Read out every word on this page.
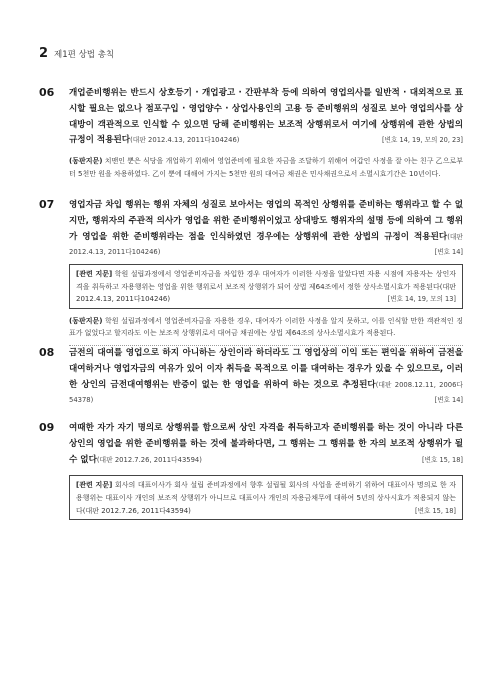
2 제1편 상법 총칙
06	개업준비행위는 반드시 상호등기 · 개업광고 · 간판부착 등에 의하여 영업의사를 일반적 · 대외적으로 표시할 필요는 없으나 점포구입 · 영업양수 · 상업사용인의 고용 등 준비행위의 성질로 보아 영업의사를 상대방이 객관적으로 인식할 수 있으면 당해 준비행위는 보조적 상행위로서 여기에 상행위에 관한 상법의 규정이 적용된다(대판 2012.4.13, 2011다104246)	[변호 14, 19, 모의 20, 23]
(동판지문) 치맨인 뿐은 식당을 개업하기 위해여 영업준비에 필요한 자금을 조달하기 위해여 여갑인 사정을 잘 아는 친구 乙으로부터 5천만 원을 차용하였다. 乙이 뿐에 대해여 가지는 5천만 원의 대여금 채권은 민사채권으로서 소멸시효기간은 10년이다.
07	영업자금 차입 행위는 행위 자체의 성질로 보아서는 영업의 목적인 상행위를 준비하는 행위라고 할 수 없지만, 행위자의 주관적 의사가 영업을 위한 준비행위이었고 상대방도 행위자의 설명 등에 의하여 그 행위가 영업을 위한 준비행위라는 점을 인식하였던 경우에는 상행위에 관한 상법의 규정이 적용된다(대판 2012.4.13, 2011다104246)	[변호 14]
[관련 지문] 학원 설립과정에서 영업준비자금을 차입한 경우 대여자가 이러한 사정을 알았다면 자용 시점에 자용자는 상인자격을 취득하고 자용행위는 영업을 위한 행위로서 보조적 상행위가 되어 상법 제64조에서 정한 상사소멸시효가 적용된다(대판 2012.4.13, 2011다104246)	[변호 14, 19, 모의 13]
(동판지문) 학원 설립과정에서 영업준비자금을 자용한 경우, 대여자가 이러한 사정을 알지 못하고, 이를 인식할 만한 객관적인 징표가 없었다고 할지라도 이는 보조적 상행위로서 대여금 채권에는 상법 제64조의 상사소멸시효가 적용된다.
08	금전의 대여를 영업으로 하지 아니하는 상인이라 하더라도 그 영업상의 이익 또는 편익을 위하여 금전을 대여하거나 영업자금의 여유가 있어 이자 취득을 목적으로 이를 대여하는 경우가 있을 수 있으므로, 이러한 상인의 금전대여행위는 반증이 없는 한 영업을 위하여 하는 것으로 추정된다(대판 2008.12.11, 2006다54378)	[변호 14]
09	여때한 자가 자기 명의로 상행위를 함으로써 상인 자격을 취득하고자 준비행위를 하는 것이 아니라 다른 상인의 영업을 위한 준비행위를 하는 것에 불과하다면, 그 행위는 그 행위를 한 자의 보조적 상행위가 될 수 없다(대판 2012.7.26, 2011다43594)	[변호 15, 18]
[관련 지문] 회사의 대표이사가 회사 설립 준비과정에서 향후 설립될 회사의 사업을 준비하기 위하여 대표이사 명의로 한 자용행위는 대표이사 개인의 보조적 상행위가 아니므로 대표이사 개인의 자용금채무에 대하여 5년의 상사시효가 적용되지 않는다(대판 2012.7.26, 2011다43594)	[변호 15, 18]
